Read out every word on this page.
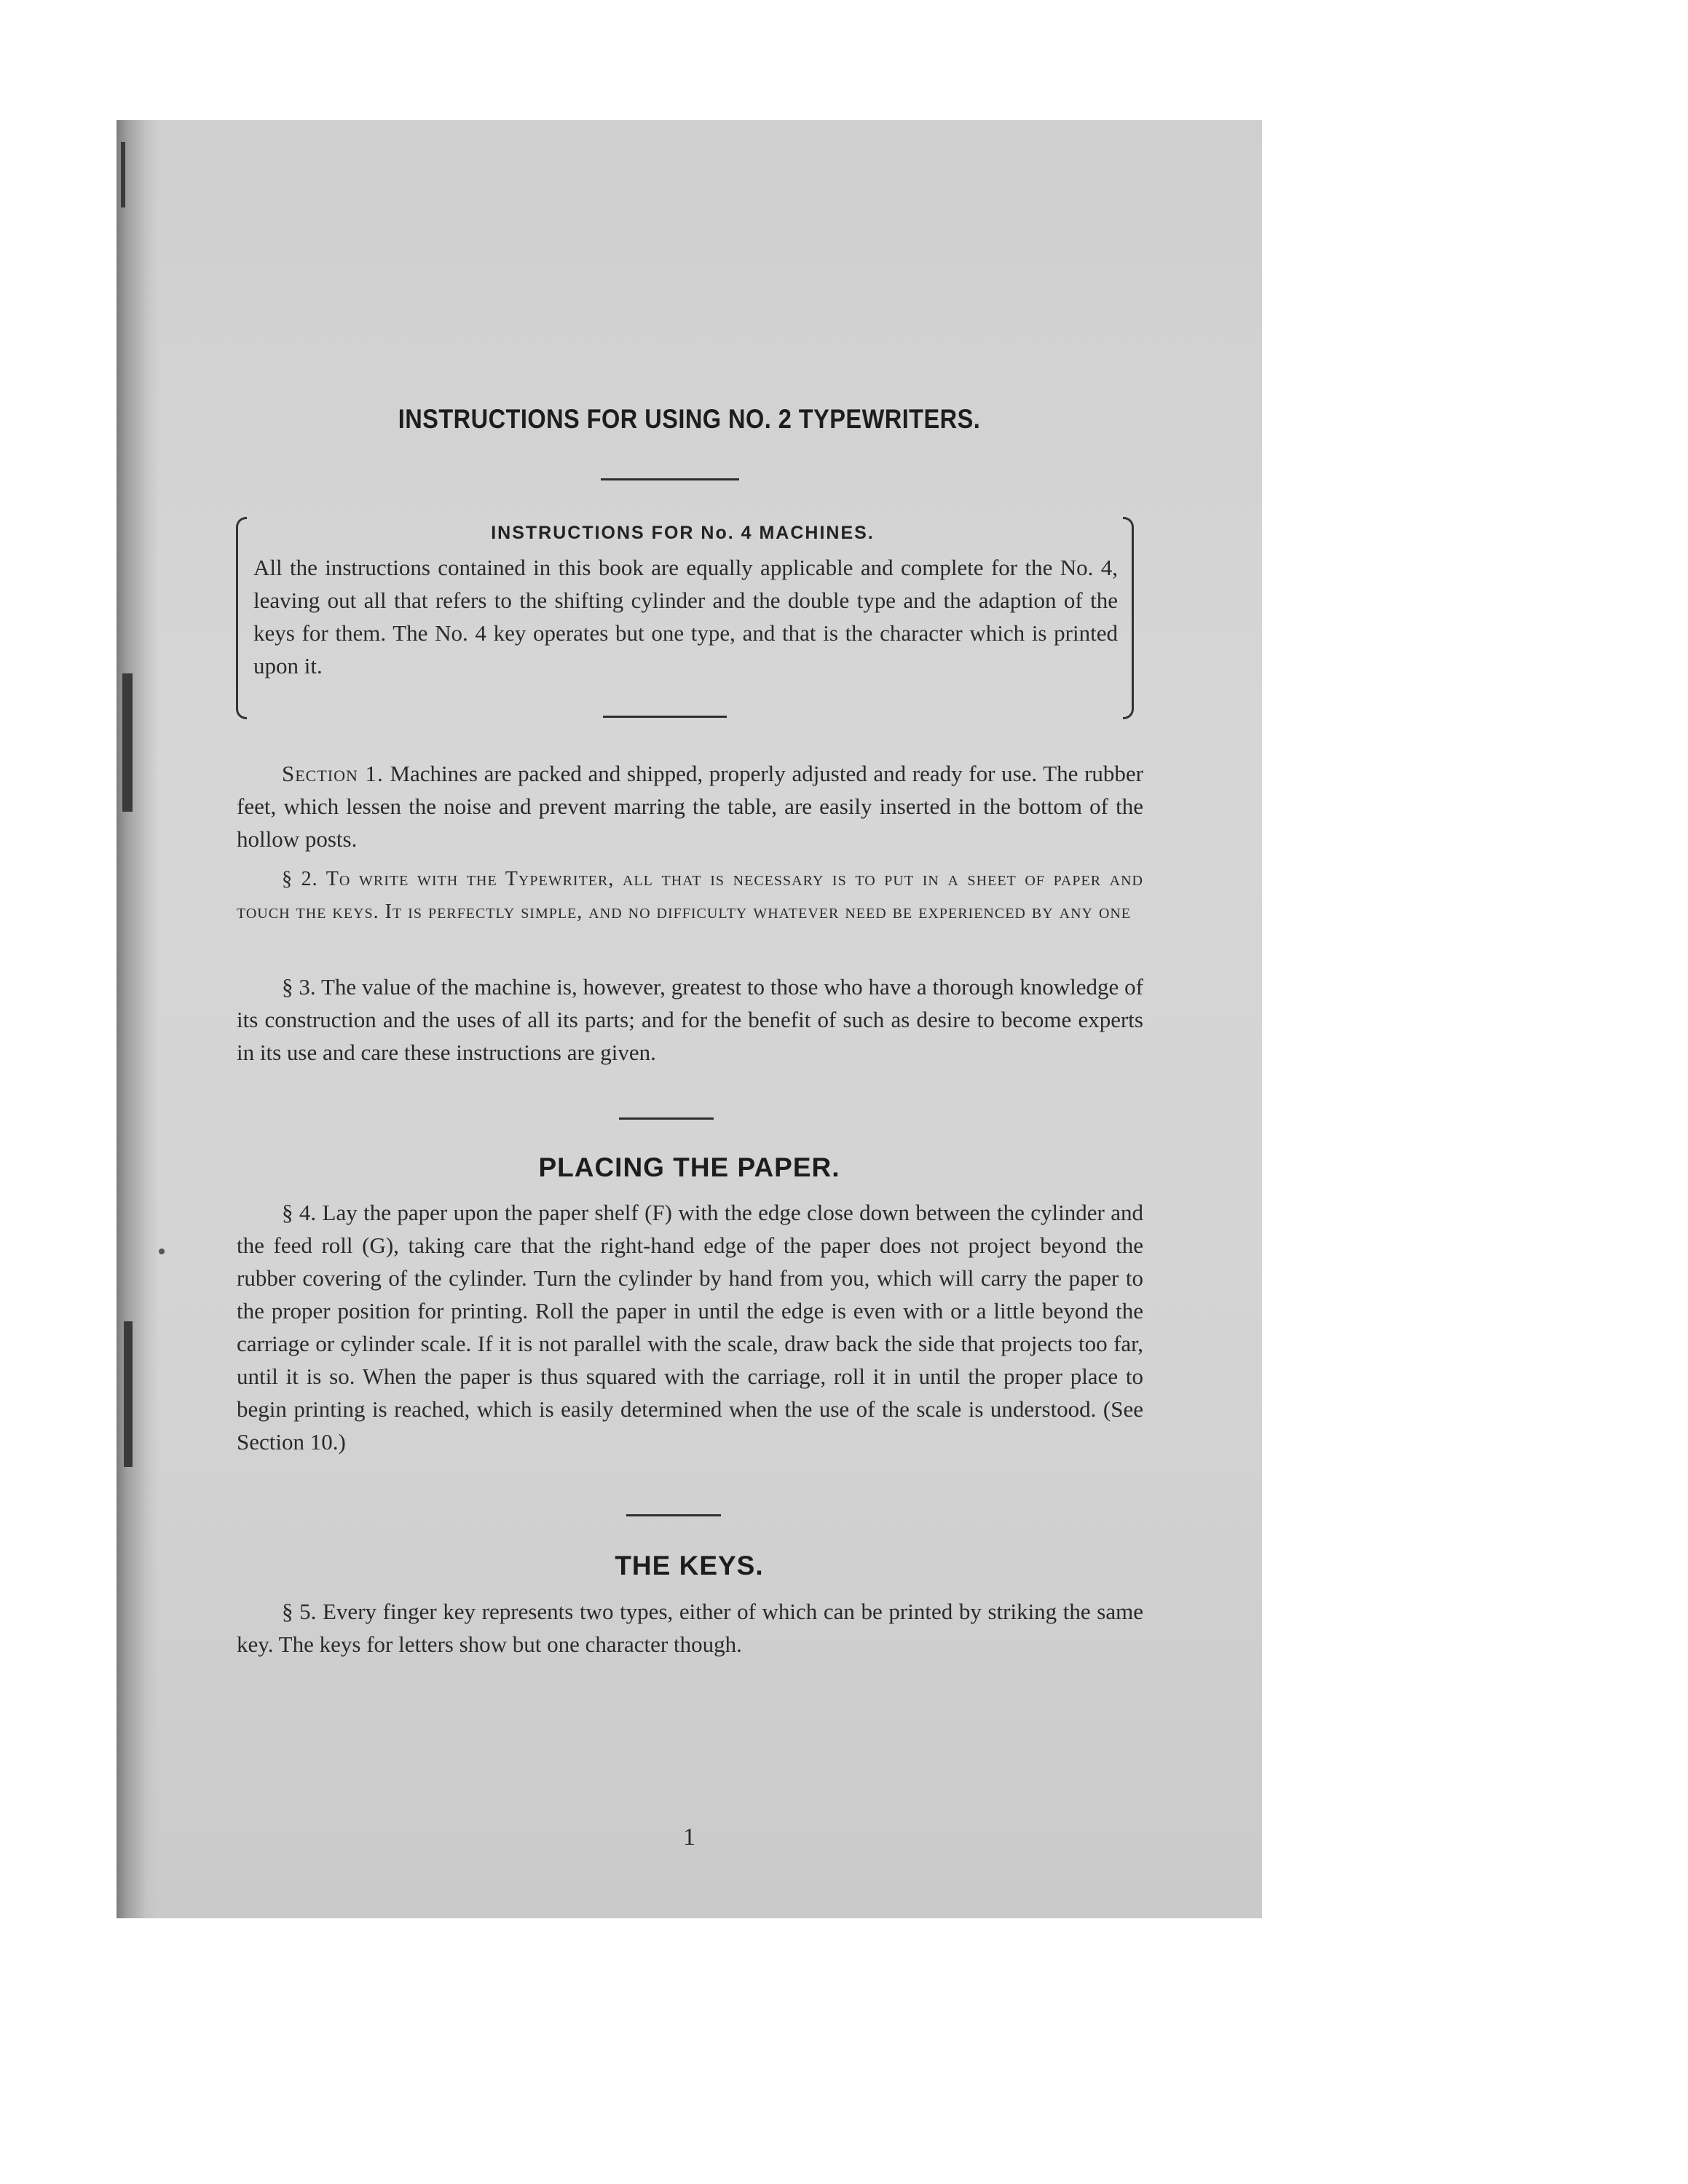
INSTRUCTIONS FOR USING NO. 2 TYPEWRITERS.
INSTRUCTIONS FOR No. 4 MACHINES.
All the instructions contained in this book are equally applicable and complete for the No. 4, leaving out all that refers to the shifting cylinder and the double type and the adaption of the keys for them. The No. 4 key operates but one type, and that is the character which is printed upon it.

Section 1. Machines are packed and shipped, properly adjusted and ready for use. The rubber feet, which lessen the noise and prevent marring the table, are easily inserted in the bottom of the hollow posts.

§ 2. To write with the Typewriter, all that is necessary is to put in a sheet of paper and touch the keys. It is perfectly simple, and no difficulty whatever need be experienced by any one

§ 3. The value of the machine is, however, greatest to those who have a thorough knowledge of its construction and the uses of all its parts; and for the benefit of such as desire to become experts in its use and care these instructions are given.

PLACING THE PAPER.

§ 4. Lay the paper upon the paper shelf (F) with the edge close down between the cylinder and the feed roll (G), taking care that the right-hand edge of the paper does not project beyond the rubber covering of the cylinder. Turn the cylinder by hand from you, which will carry the paper to the proper position for printing. Roll the paper in until the edge is even with or a little beyond the carriage or cylinder scale. If it is not parallel with the scale, draw back the side that projects too far, until it is so. When the paper is thus squared with the carriage, roll it in until the proper place to begin printing is reached, which is easily determined when the use of the scale is understood. (See Section 10.)

THE KEYS.

§ 5. Every finger key represents two types, either of which can be printed by striking the same key. The keys for letters show but one character though.

1
